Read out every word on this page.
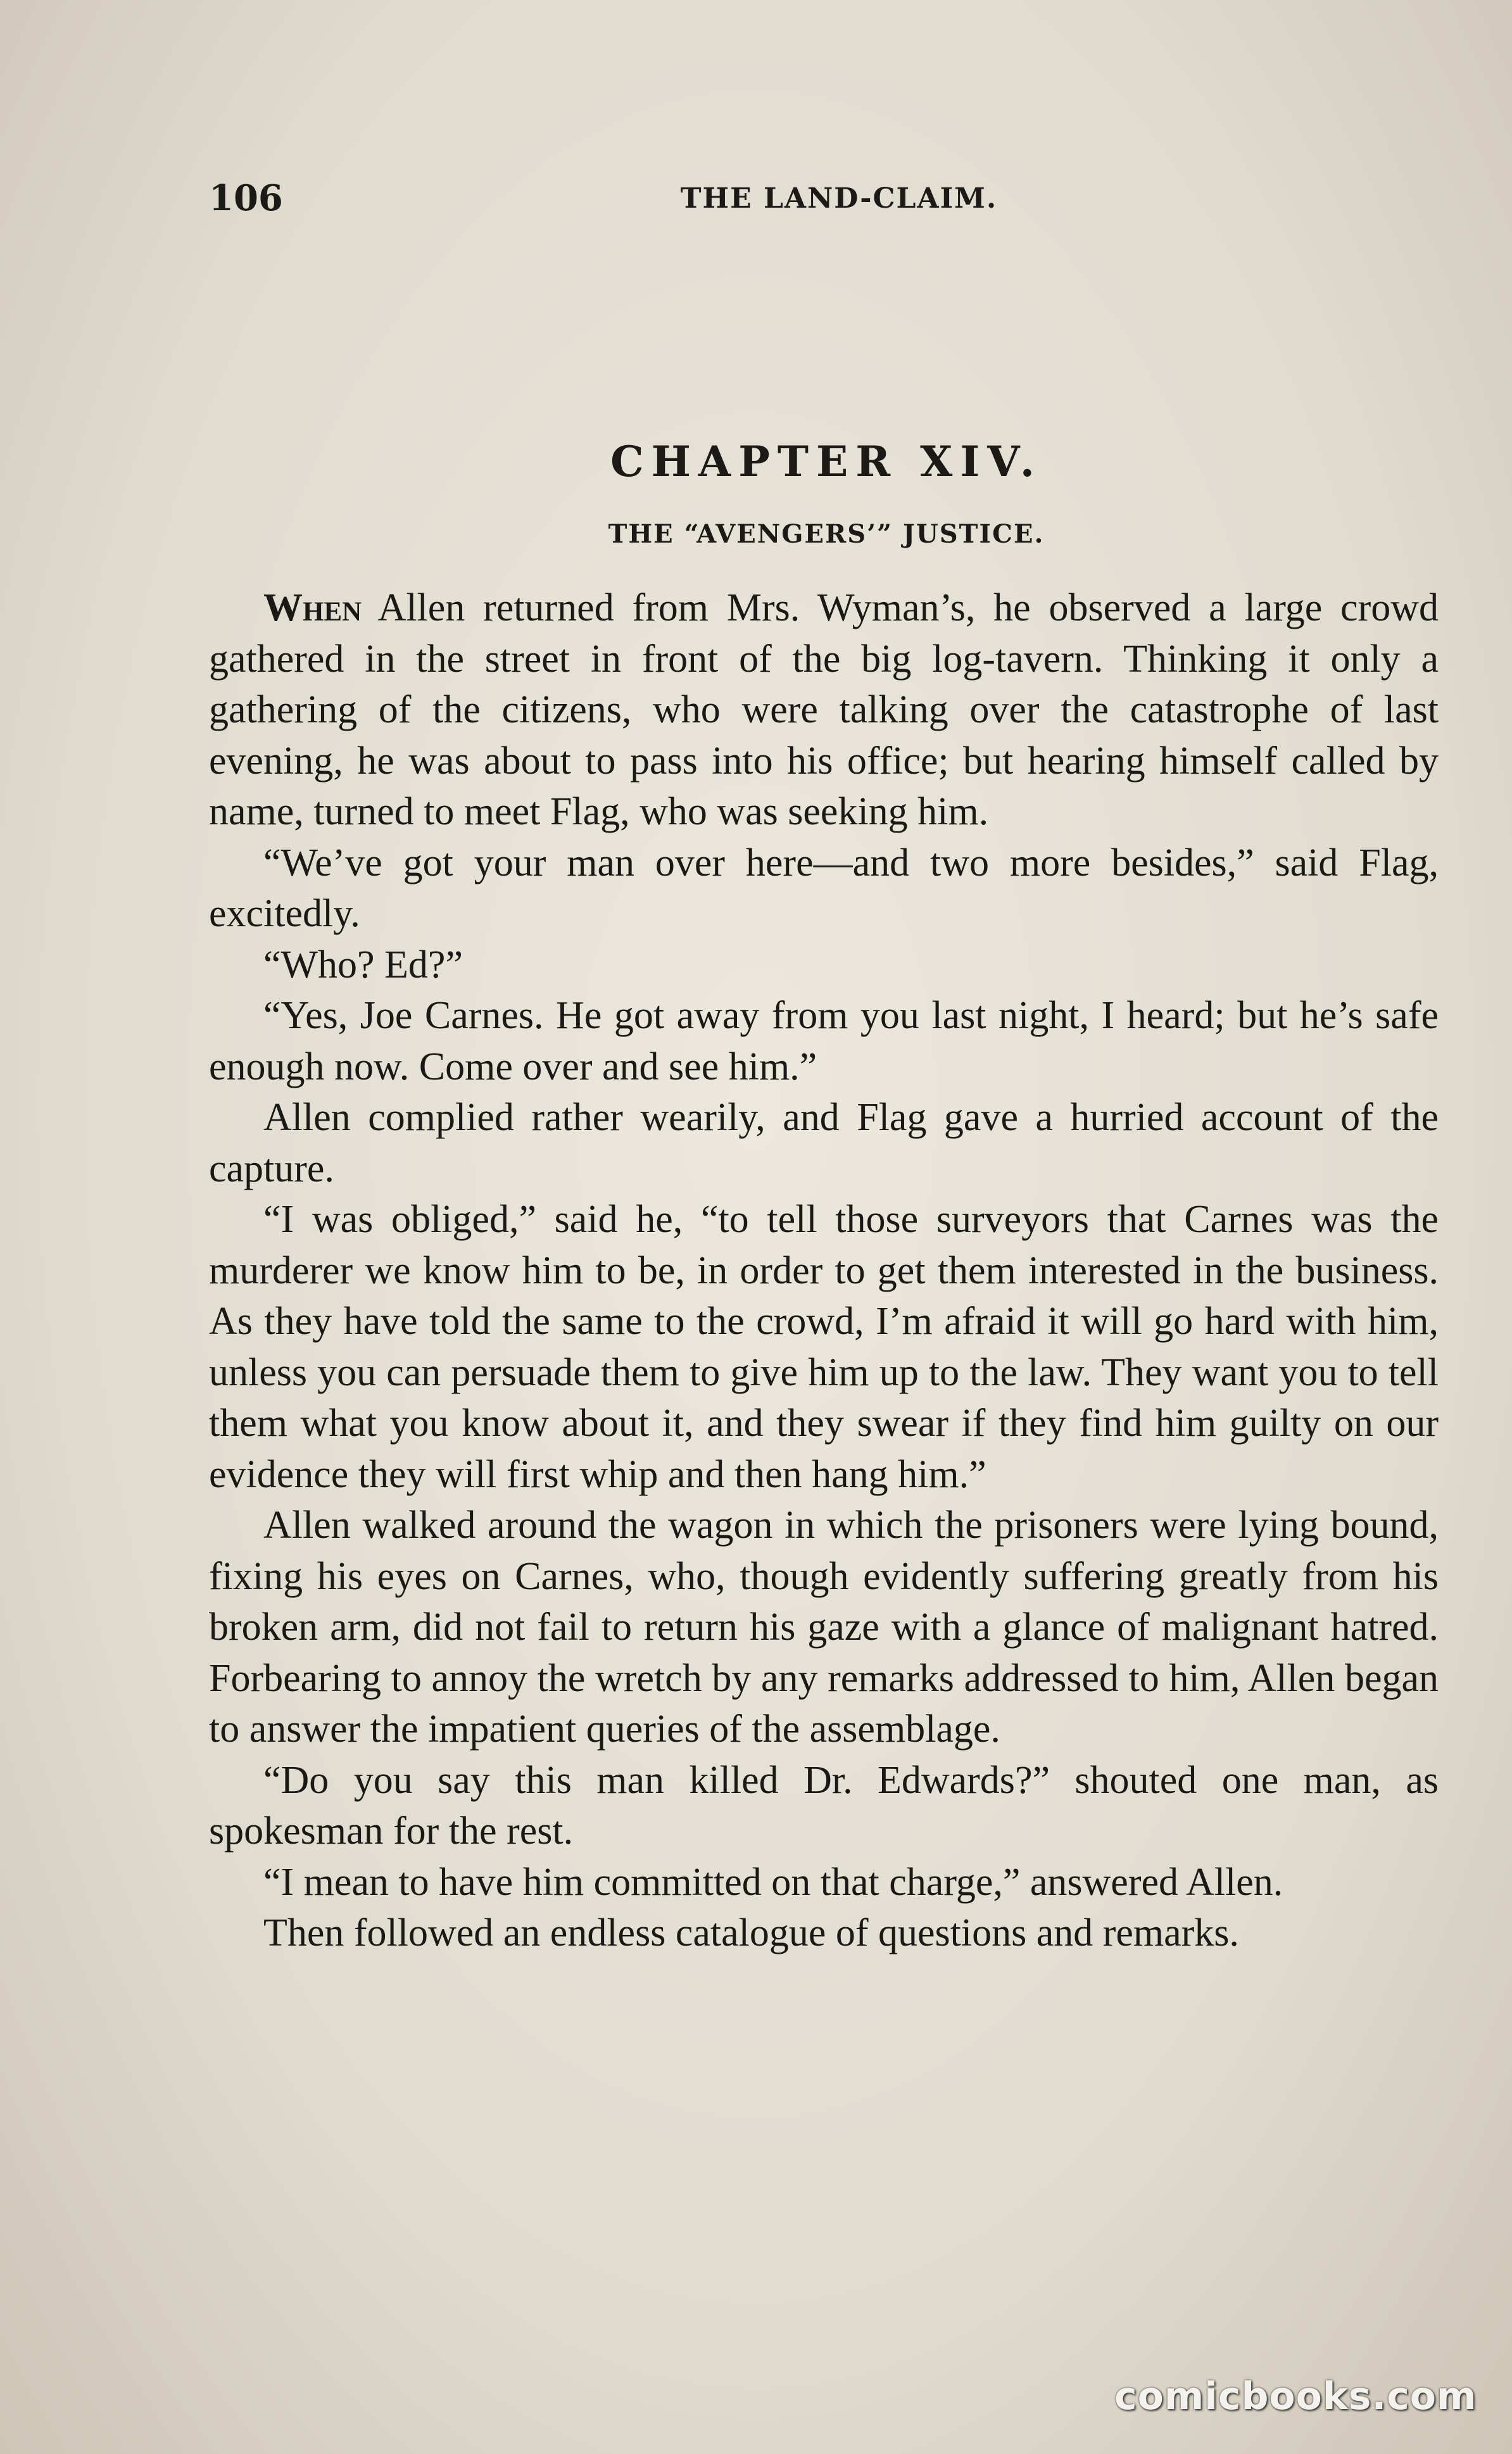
106	THE LAND-CLAIM.
CHAPTER XIV.
THE “AVENGERS’” JUSTICE.

When Allen returned from Mrs. Wyman’s, he observed a large crowd gathered in the street in front of the big log-tavern. Thinking it only a gathering of the citizens, who were talking over the catastrophe of last evening, he was about to pass into his office; but hearing himself called by name, turned to meet Flag, who was seeking him.

“We’ve got your man over here—and two more besides,” said Flag, excitedly.

“Who? Ed?”

“Yes, Joe Carnes. He got away from you last night, I heard; but he’s safe enough now. Come over and see him.”

Allen complied rather wearily, and Flag gave a hurried account of the capture.

“I was obliged,” said he, “to tell those surveyors that Carnes was the murderer we know him to be, in order to get them interested in the business. As they have told the same to the crowd, I’m afraid it will go hard with him, unless you can persuade them to give him up to the law. They want you to tell them what you know about it, and they swear if they find him guilty on our evidence they will first whip and then hang him.”

Allen walked around the wagon in which the prisoners were lying bound, fixing his eyes on Carnes, who, though evidently suffering greatly from his broken arm, did not fail to return his gaze with a glance of malignant hatred. Forbearing to annoy the wretch by any remarks addressed to him, Allen began to answer the impatient queries of the assemblage.

“Do you say this man killed Dr. Edwards?” shouted one man, as spokesman for the rest.

“I mean to have him committed on that charge,” answered Allen.

Then followed an endless catalogue of questions and remarks.

comicbooks.com
